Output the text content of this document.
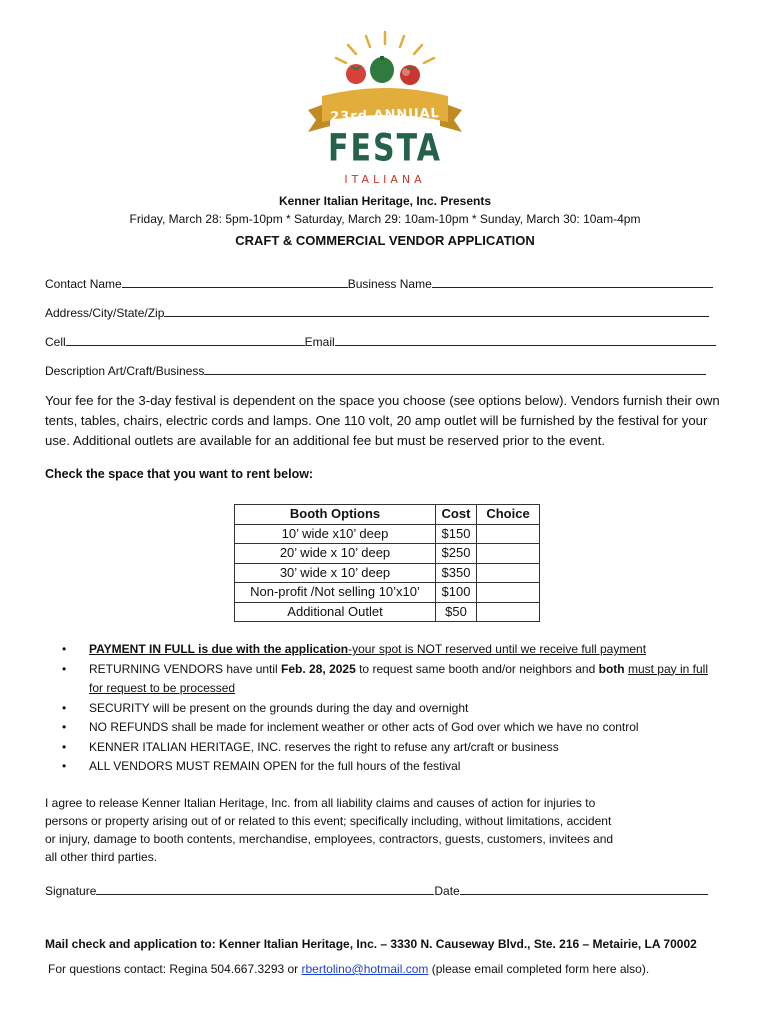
23rd ANNUAL
FESTA
ITALIANA
Kenner Italian Heritage, Inc. Presents
Friday, March 28: 5pm-10pm * Saturday, March 29: 10am-10pm * Sunday, March 30: 10am-4pm
CRAFT & COMMERCIAL VENDOR APPLICATION
Contact Name	Business Name
Address/City/State/Zip
Cell	Email
Description Art/Craft/Business
Your fee for the 3-day festival is dependent on the space you choose (see options below). Vendors furnish their own tents, tables, chairs, electric cords and lamps. One 110 volt, 20 amp outlet will be furnished by the festival for your use. Additional outlets are available for an additional fee but must be reserved prior to the event.
Check the space that you want to rent below:
Booth Options	Cost	Choice
10’ wide x10’ deep	$150	
20’ wide x 10’ deep	$250	
30’ wide x 10’ deep	$350	
Non-profit /Not selling 10’x10’	$100	
Additional Outlet	$50	
• PAYMENT IN FULL is due with the application-your spot is NOT reserved until we receive full payment
• RETURNING VENDORS have until Feb. 28, 2025 to request same booth and/or neighbors and both must pay in full for request to be processed
• SECURITY will be present on the grounds during the day and overnight
• NO REFUNDS shall be made for inclement weather or other acts of God over which we have no control
• KENNER ITALIAN HERITAGE, INC. reserves the right to refuse any art/craft or business
• ALL VENDORS MUST REMAIN OPEN for the full hours of the festival
I agree to release Kenner Italian Heritage, Inc. from all liability claims and causes of action for injuries to persons or property arising out of or related to this event; specifically including, without limitations, accident or injury, damage to booth contents, merchandise, employees, contractors, guests, customers, invitees and all other third parties.
Signature	Date
Mail check and application to: Kenner Italian Heritage, Inc. – 3330 N. Causeway Blvd., Ste. 216 – Metairie, LA 70002
For questions contact: Regina 504.667.3293 or rbertolino@hotmail.com (please email completed form here also).
